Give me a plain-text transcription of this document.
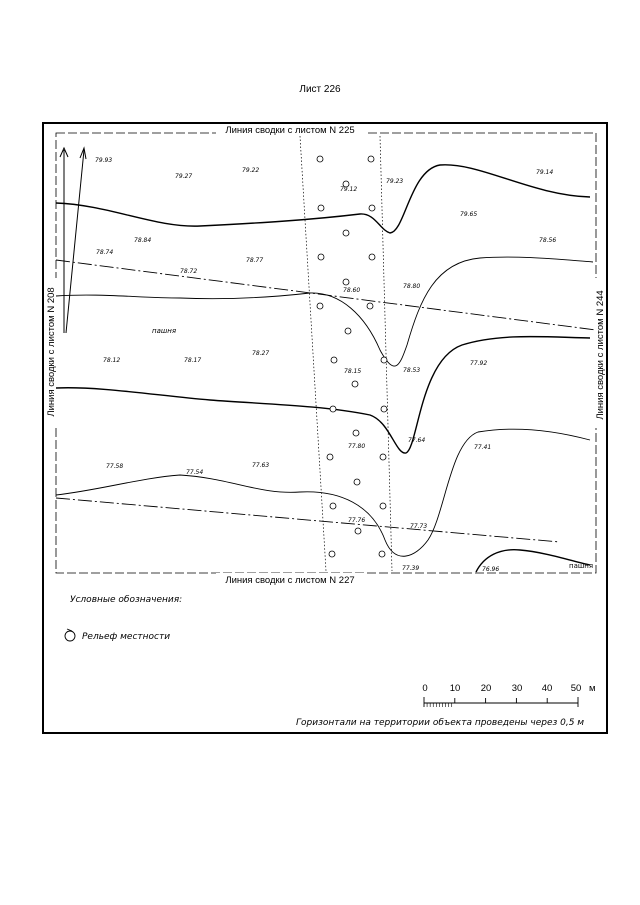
Лист 226
Линия сводки с листом N 225
Линия сводки с листом N 227
Линия сводки с листом N 208	Линия сводки с листом N 244
79.93
79.27
79.22
79.12
79.23
79.14
79.65
78.74
78.84
78.72
78.77
78.80
78.56
78.60
78.12	78.17
78.27
78.15	78.53
77.92
77.80
77.64
77.41
77.58
77.54
77.63
77.76
77.73
77.39	76.96
пашня
пашня
Условные обозначения:
Рельеф местности
0 10 20 30 40 50 м
Горизонтали на территории объекта проведены через 0,5 м
